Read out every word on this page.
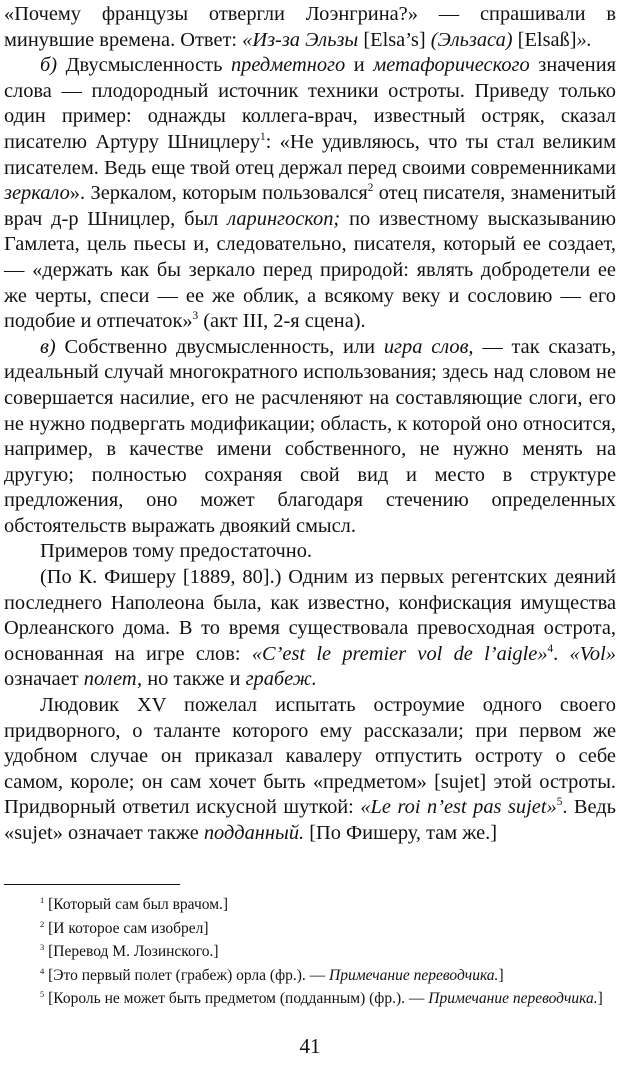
«Почему французы отвергли Лоэнгрина?» — спрашивали в минувшие времена. Ответ: «Из-за Эльзы [Elsa’s] (Эльзаса) [Elsaß]».

б) Двусмысленность предметного и метафорического значения слова — плодородный источник техники остроты. Приведу только один пример: однажды коллега-врач, известный остряк, сказал писателю Артуру Шницлеру$^1$: «Не удивляюсь, что ты стал великим писателем. Ведь еще твой отец держал перед своими современниками зеркало». Зеркалом, которым пользовался$^2$ отец писателя, знаменитый врач д-р Шницлер, был ларингоскоп; по известному высказыванию Гамлета, цель пьесы и, следовательно, писателя, который ее создает, — «держать как бы зеркало перед природой: являть добродетели ее же черты, спеси — ее же облик, а всякому веку и сословию — его подобие и отпечаток»$^3$ (акт III, 2-я сцена).

в) Собственно двусмысленность, или игра слов, — так сказать, идеальный случай многократного использования; здесь над словом не совершается насилие, его не расчленяют на составляющие слоги, его не нужно подвергать модификации; область, к которой оно относится, например, в качестве имени собственного, не нужно менять на другую; полностью сохраняя свой вид и место в структуре предложения, оно может благодаря стечению определенных обстоятельств выражать двоякий смысл.

Примеров тому предостаточно.

(По К. Фишеру [1889, 80].) Одним из первых регентских деяний последнего Наполеона была, как известно, конфискация имущества Орлеанского дома. В то время существовала превосходная острота, основанная на игре слов: «C’est le premier vol de l’aigle»$^4$. «Vol» означает полет, но также и грабеж.

Людовик XV пожелал испытать остроумие одного своего придворного, о таланте которого ему рассказали; при первом же удобном случае он приказал кавалеру отпустить остроту о себе самом, короле; он сам хочет быть «предметом» [sujet] этой остроты. Придворный ответил искусной шуткой: «Le roi n’est pas sujet»$^5$. Ведь «sujet» означает также подданный. [По Фишеру, там же.]

$^1$ [Который сам был врачом.]

$^2$ [И которое сам изобрел]

$^3$ [Перевод М. Лозинского.]

$^4$ [Это первый полет (грабеж) орла (фр.). — Примечание переводчика.]

$^5$ [Король не может быть предметом (подданным) (фр.). — Примечание переводчика.]

41
